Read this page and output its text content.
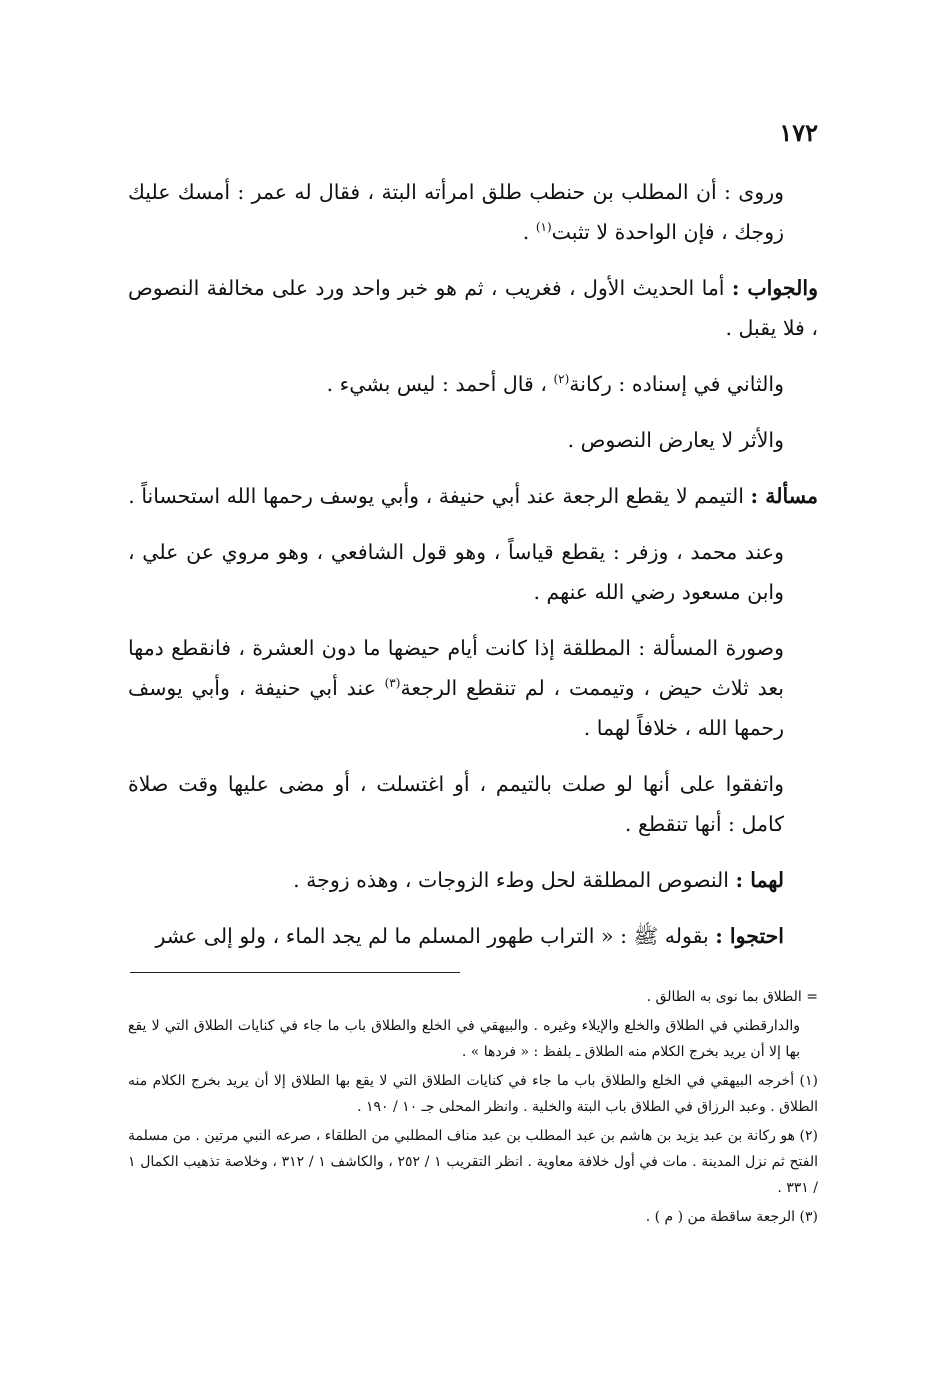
١٧٢

وروى : أن المطلب بن حنطب طلق امرأته البتة ، فقال له عمر : أمسك عليك زوجك ، فإن الواحدة لا تثبت$^{(١)}$ .

والجواب : أما الحديث الأول ، فغريب ، ثم هو خبر واحد ورد على مخالفة النصوص ، فلا يقبل .

والثاني في إسناده : ركانة$^{(٢)}$ ، قال أحمد : ليس بشيء .

والأثر لا يعارض النصوص .

مسألة : التيمم لا يقطع الرجعة عند أبي حنيفة ، وأبي يوسف رحمها الله استحساناً .

وعند محمد ، وزفر : يقطع قياساً ، وهو قول الشافعي ، وهو مروي عن علي ، وابن مسعود رضي الله عنهم .

وصورة المسألة : المطلقة إذا كانت أيام حيضها ما دون العشرة ، فانقطع دمها بعد ثلاث حيض ، وتيممت ، لم تنقطع الرجعة$^{(٣)}$ عند أبي حنيفة ، وأبي يوسف رحمها الله ، خلافاً لهما .

واتفقوا على أنها لو صلت بالتيمم ، أو اغتسلت ، أو مضى عليها وقت صلاة كامل : أنها تنقطع .

لهما : النصوص المطلقة لحل وطء الزوجات ، وهذه زوجة .

احتجوا : بقوله ﷺ : « التراب طهور المسلم ما لم يجد الماء ، ولو إلى عشر

= الطلاق بما نوى به الطالق .

والدارقطني في الطلاق والخلع والإيلاء وغيره . والبيهقي في الخلع والطلاق باب ما جاء في كنايات الطلاق التي لا يقع بها إلا أن يريد بخرج الكلام منه الطلاق ـ بلفظ : « فردها » .

(١) أخرجه البيهقي في الخلع والطلاق باب ما جاء في كنايات الطلاق التي لا يقع بها الطلاق إلا أن يريد بخرج الكلام منه الطلاق . وعبد الرزاق في الطلاق باب البتة والخلية . وانظر المحلى جـ ١٠ / ١٩٠ .

(٢) هو ركانة بن عبد يزيد بن هاشم بن عبد المطلب بن عبد مناف المطلبي من الطلقاء ، صرعه النبي مرتين . من مسلمة الفتح ثم نزل المدينة . مات في أول خلافة معاوية . انظر التقريب ١ / ٢٥٢ ، والكاشف ١ / ٣١٢ ، وخلاصة تذهيب الكمال ١ / ٣٣١ .

(٣) الرجعة ساقطة من ( م ) .
